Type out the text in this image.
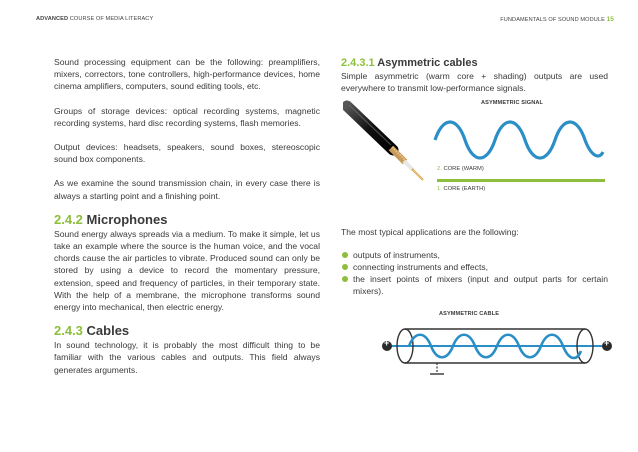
ADVANCED COURSE OF MEDIA LITERACY	FUNDAMENTALS OF SOUND MODULE 15

Sound processing equipment can be the following: preamplifiers, mixers, correctors, tone controllers, high-performance devices, home cinema amplifiers, computers, sound editing tools, etc.

Groups of storage devices: optical recording systems, magnetic recording systems, hard disc recording systems, flash memories.

Output devices: headsets, speakers, sound boxes, stereoscopic sound box components.

As we examine the sound transmission chain, in every case there is always a starting point and a finishing point.

2.4.2 Microphones

Sound energy always spreads via a medium. To make it simple, let us take an example where the source is the human voice, and the vocal chords cause the air particles to vibrate. Produced sound can only be stored by using a device to record the momentary pressure, extension, speed and frequency of particles, in their temporary state. With the help of a membrane, the microphone transforms sound energy into mechanical, then electric energy.

2.4.3 Cables

In sound technology, it is probably the most difficult thing to be familiar with the various cables and outputs. This field always generates arguments.

2.4.3.1 Asymmetric cables

Simple asymmetric (warm core + shading) outputs are used everywhere to transmit low-performance signals.

ASYMMETRIC SIGNAL
2. CORE (WARM)
1. CORE (EARTH)

The most typical applications are the following:

outputs of instruments,
connecting instruments and effects,
the insert points of mixers (input and output parts for certain mixers).
ASYMMETRIC CABLE
+	+
